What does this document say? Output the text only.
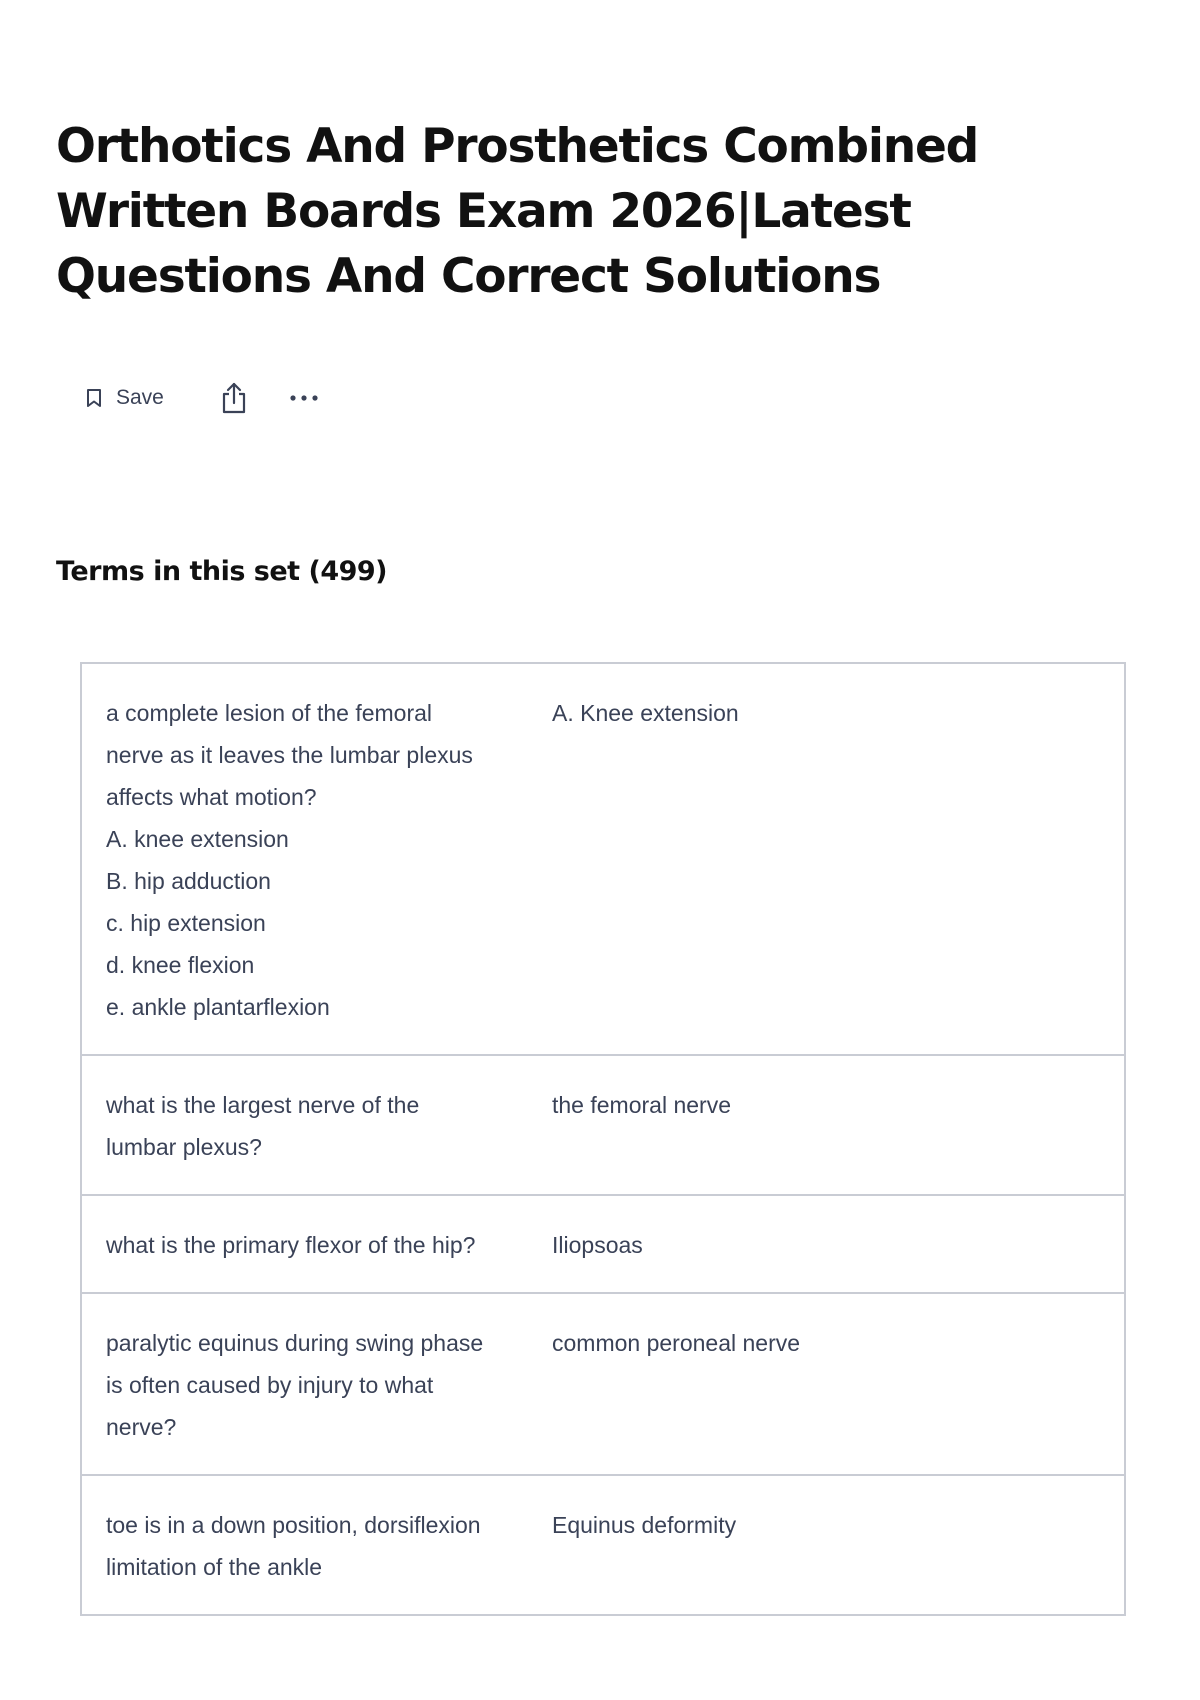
Orthotics And Prosthetics Combined Written Boards Exam 2026|Latest Questions And Correct Solutions
Save
Terms in this set (499)
a complete lesion of the femoral
nerve as it leaves the lumbar plexus
affects what motion?
A. knee extension
B. hip adduction
c. hip extension
d. knee flexion
e. ankle plantarflexion
A. Knee extension
what is the largest nerve of the
lumbar plexus?
the femoral nerve
what is the primary flexor of the hip?	Iliopsoas
paralytic equinus during swing phase
is often caused by injury to what
nerve?
common peroneal nerve
toe is in a down position, dorsiflexion
limitation of the ankle
Equinus deformity
